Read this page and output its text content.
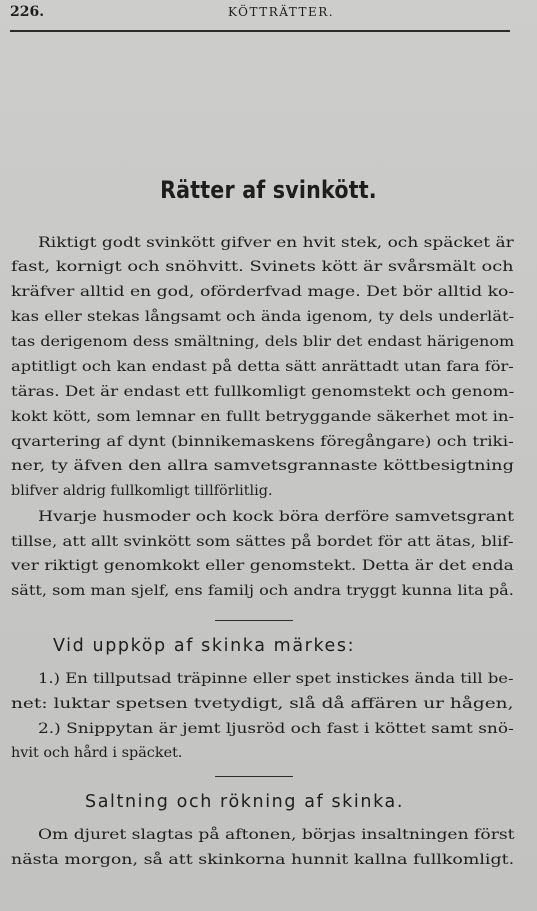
226.	KÖTTRÄTTER.
Rätter af svinkött.
Riktigt godt svinkött gifver en hvit stek, och späcket är
fast, kornigt och snöhvitt. Svinets kött är svårsmält och
kräfver alltid en god, oförderfvad mage. Det bör alltid ko-
kas eller stekas långsamt och ända igenom, ty dels underlät-
tas derigenom dess smältning, dels blir det endast härigenom
aptitligt och kan endast på detta sätt anrättadt utan fara för-
täras. Det är endast ett fullkomligt genomstekt och genom-
kokt kött, som lemnar en fullt betryggande säkerhet mot in-
qvartering af dynt (binnikemaskens föregångare) och triki-
ner, ty äfven den allra samvetsgrannaste köttbesigtning
blifver aldrig fullkomligt tillförlitlig.
Hvarje husmoder och kock böra derföre samvetsgrant
tillse, att allt svinkött som sättes på bordet för att ätas, blif-
ver riktigt genomkokt eller genomstekt. Detta är det enda
sätt, som man sjelf, ens familj och andra tryggt kunna lita på.
Vid uppköp af skinka märkes:
1.) En tillputsad träpinne eller spet instickes ända till be-
net: luktar spetsen tvetydigt, slå då affären ur hågen,
2.) Snippytan är jemt ljusröd och fast i köttet samt snö-
hvit och hård i späcket.
Saltning och rökning af skinka.
Om djuret slagtas på aftonen, börjas insaltningen först
nästa morgon, så att skinkorna hunnit kallna fullkomligt.
